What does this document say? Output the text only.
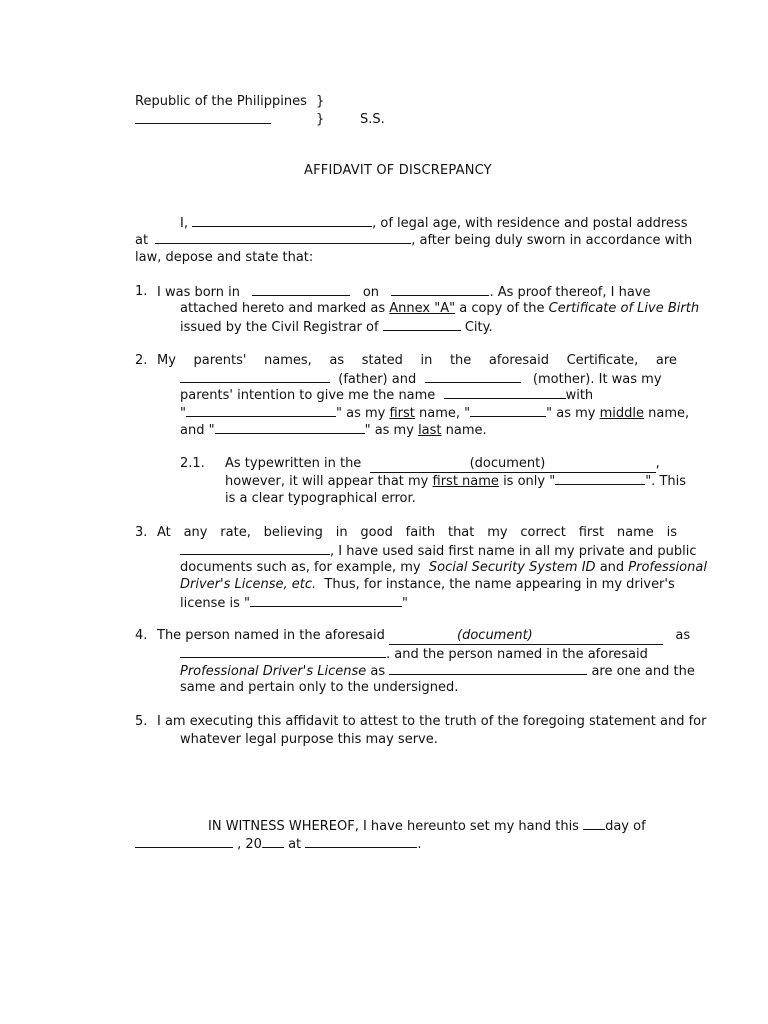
Republic of the Philippines }
}	S.S.
AFFIDAVIT OF DISCREPANCY
I,	, of legal age, with residence and postal address
at	, after being duly sworn in accordance with
law, depose and state that:
1. I was born in	on	. As proof thereof, I have
attached hereto and marked as Annex "A" a copy of the Certificate of Live Birth
issued by the Civil Registrar of	City.
2. My parents' names, as stated in the aforesaid Certificate, are
(father) and	(mother). It was my
parents' intention to give me the name	with
"	" as my first name, "	" as my middle name,
and "	" as my last name.
2.1. As typewritten in the	(document)	,
however, it will appear that my first name is only "	". This
is a clear typographical error.
3. At any rate, believing in good faith that my correct first name is
, I have used said first name in all my private and public
documents such as, for example, my Social Security System ID and Professional
Driver's License, etc. Thus, for instance, the name appearing in my driver's
license is "	"
4. The person named in the aforesaid	(document)	as
. and the person named in the aforesaid
Professional Driver's License as	are one and the
same and pertain only to the undersigned.
5. I am executing this affidavit to attest to the truth of the foregoing statement and for
whatever legal purpose this may serve.
IN WITNESS WHEREOF, I have hereunto set my hand this day of
, 20 at	.
